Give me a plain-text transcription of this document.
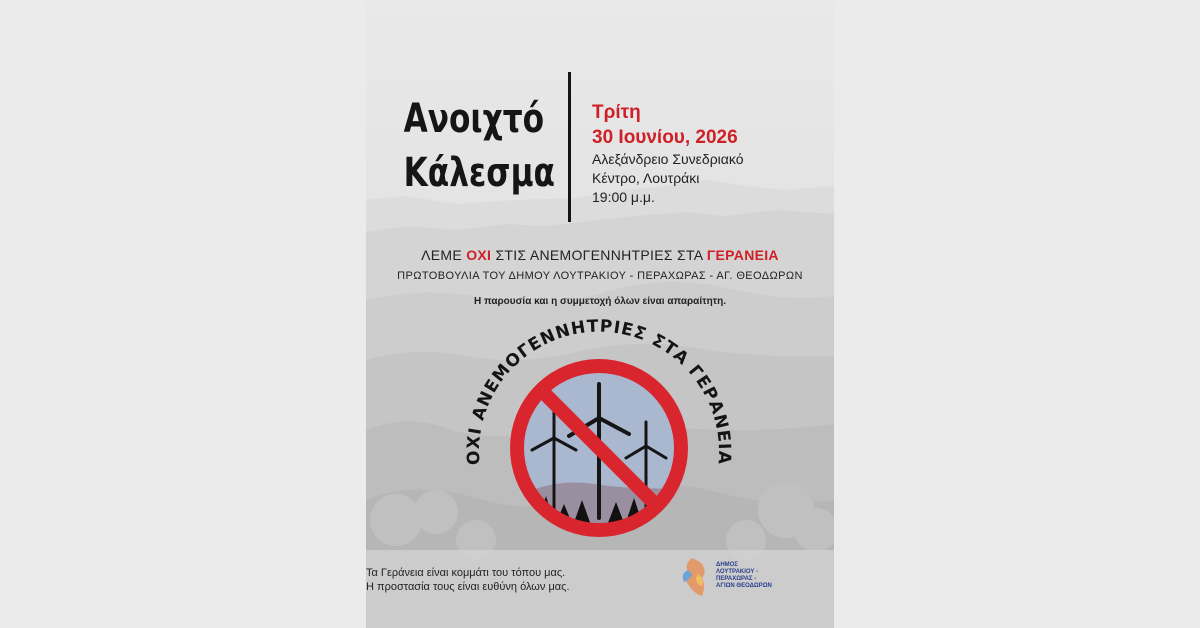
Ανοιχτό
Κάλεσμα
Τρίτη
30 Ιουνίου, 2026
Αλεξάνδρειο Συνεδριακό
Κέντρο, Λουτράκι
19:00 μ.μ.
ΛΕΜΕ ΟΧΙ ΣΤΙΣ ΑΝΕΜΟΓΕΝΝΗΤΡΙΕΣ ΣΤΑ ΓΕΡΑΝΕΙΑ
ΠΡΩΤΟΒΟΥΛΙΑ ΤΟΥ ΔΗΜΟΥ ΛΟΥΤΡΑΚΙΟΥ - ΠΕΡΑΧΩΡΑΣ - ΑΓ. ΘΕΟΔΩΡΩΝ
Η παρουσία και η συμμετοχή όλων είναι απαραίτητη.
ΟΧΙ ΑΝΕΜΟΓΕΝΝΗΤΡΙΕΣ ΣΤΑ ΓΕΡΑΝΕΙΑ
Τα Γεράνεια είναι κομμάτι του τόπου μας.
Η προστασία τους είναι ευθύνη όλων μας.
ΔΗΜΟΣ
ΛΟΥΤΡΑΚΙΟΥ -
ΠΕΡΑΧΩΡΑΣ -
ΑΓΙΩΝ ΘΕΟΔΩΡΩΝ
